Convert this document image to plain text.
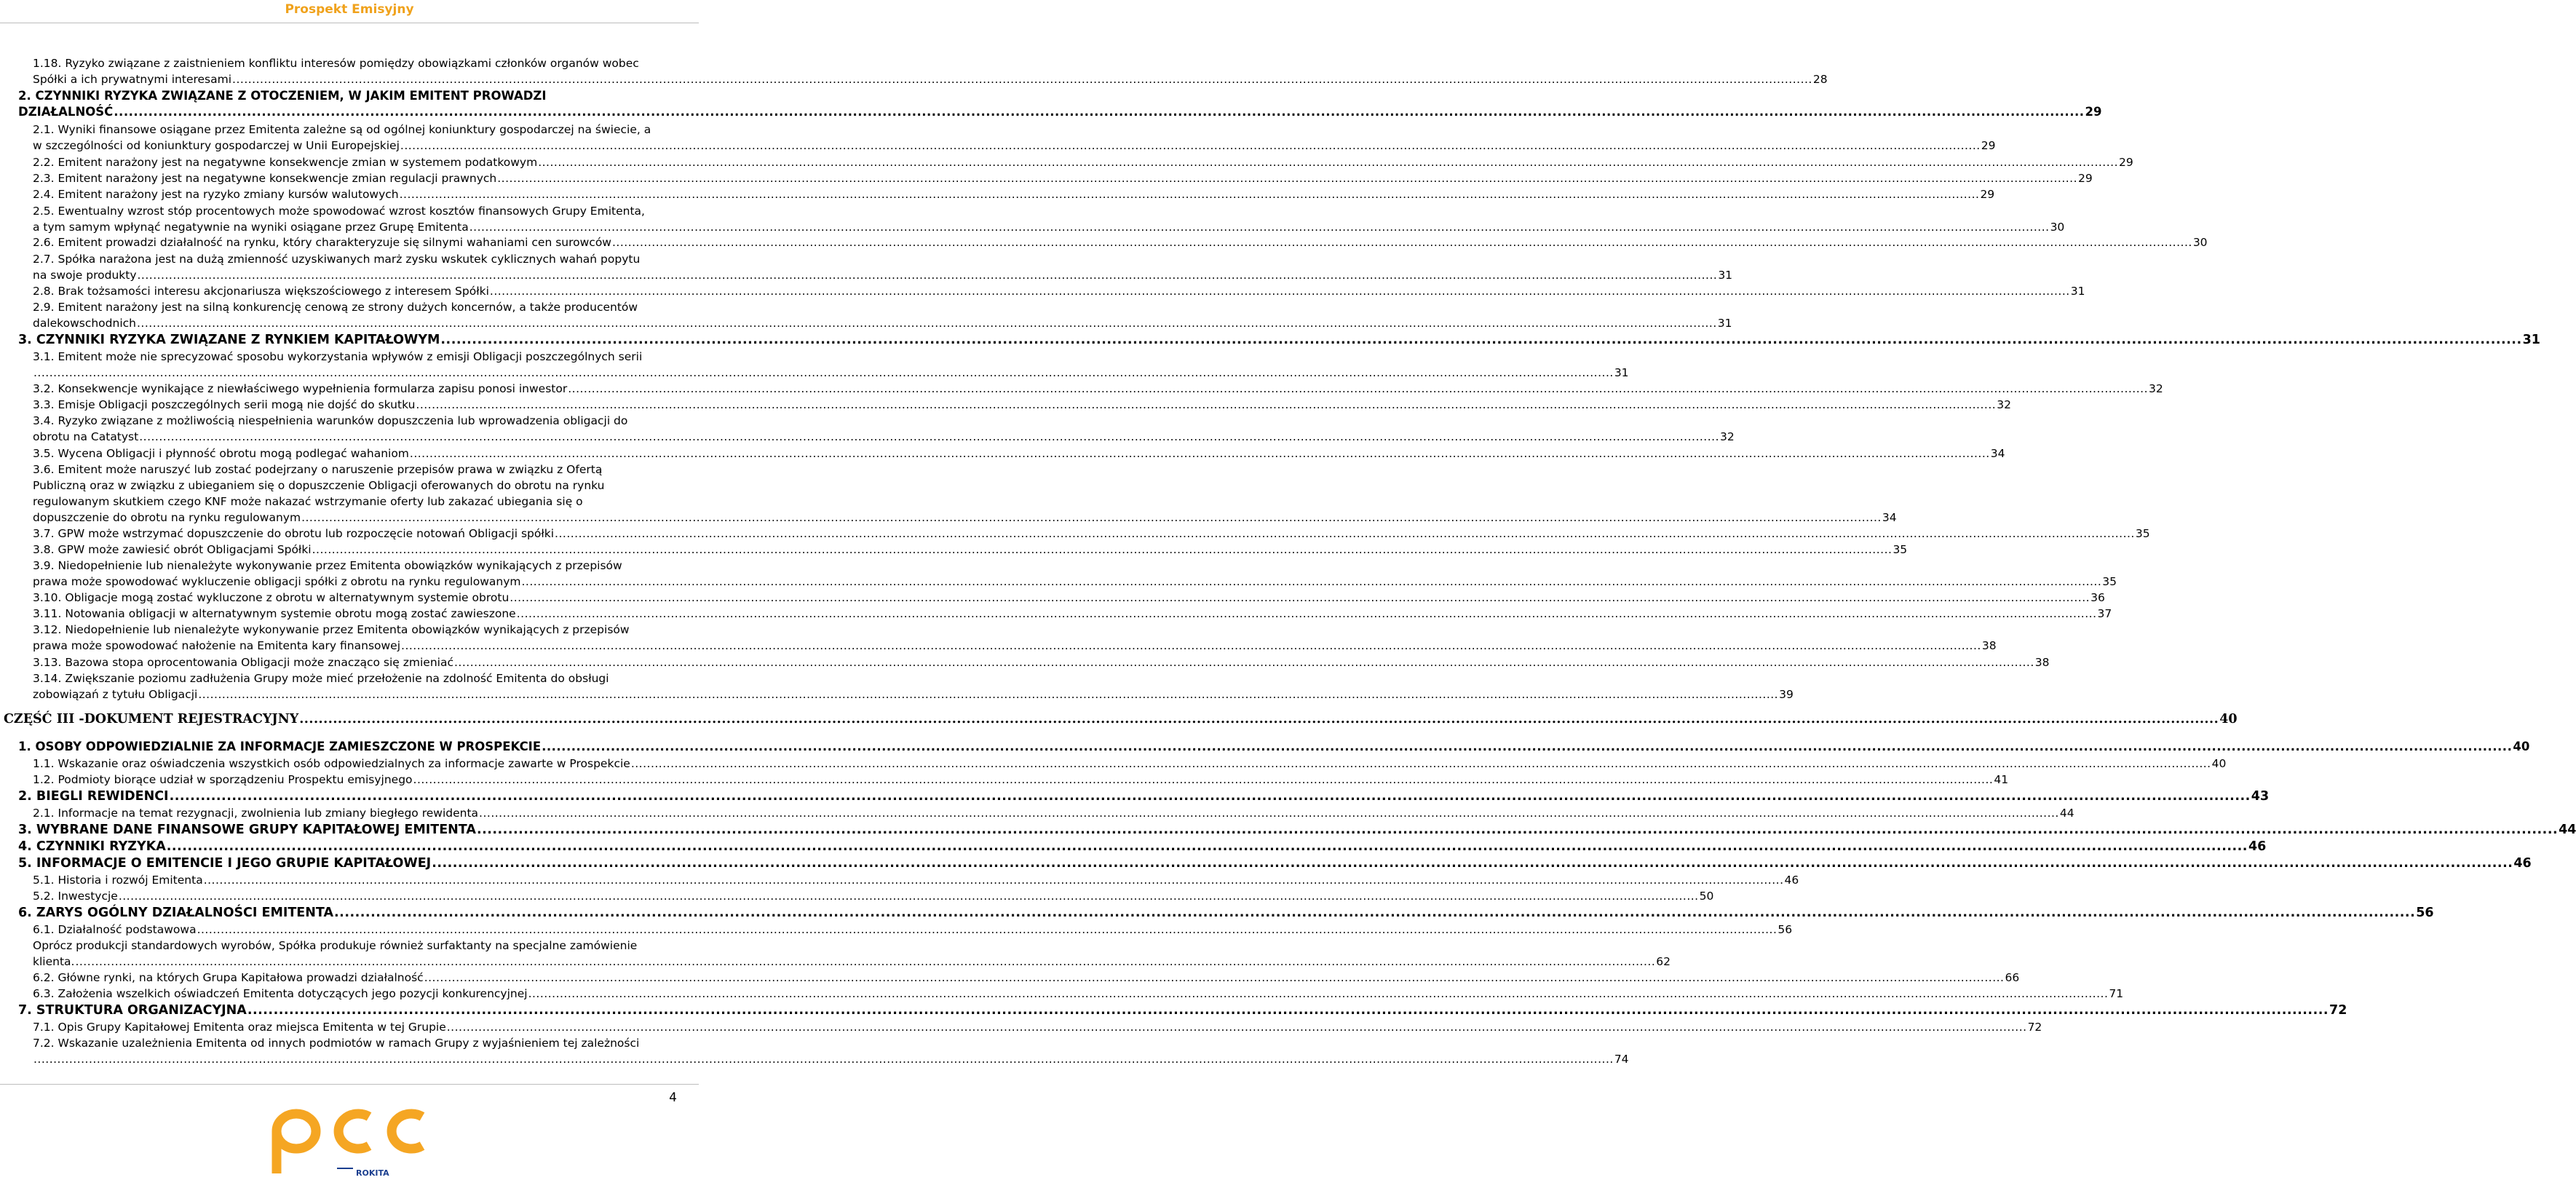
Prospekt Emisyjny
1.18. Ryzyko związane z zaistnieniem konfliktu interesów pomiędzy obowiązkami członków organów wobec
Spółki a ich prywatnymi interesami ................................................................................................................................................................................................................................................................................................................................................................................................................ 28
2. CZYNNIKI RYZYKA ZWIĄZANE Z OTOCZENIEM, W JAKIM EMITENT PROWADZI
DZIAŁALNOŚĆ ................................................................................................................................................................................................................................................................................................................................................................................................................ 29
2.1. Wyniki finansowe osiągane przez Emitenta zależne są od ogólnej koniunktury gospodarczej na świecie, a
w szczególności od koniunktury gospodarczej w Unii Europejskiej ................................................................................................................................................................................................................................................................................................................................................................................................................ 29
2.2. Emitent narażony jest na negatywne konsekwencje zmian w systemem podatkowym ................................................................................................................................................................................................................................................................................................................................................................................................................ 29
2.3. Emitent narażony jest na negatywne konsekwencje zmian regulacji prawnych ................................................................................................................................................................................................................................................................................................................................................................................................................ 29
2.4. Emitent narażony jest na ryzyko zmiany kursów walutowych ................................................................................................................................................................................................................................................................................................................................................................................................................ 29
2.5. Ewentualny wzrost stóp procentowych może spowodować wzrost kosztów finansowych Grupy Emitenta,
a tym samym wpłynąć negatywnie na wyniki osiągane przez Grupę Emitenta ................................................................................................................................................................................................................................................................................................................................................................................................................ 30
2.6. Emitent prowadzi działalność na rynku, który charakteryzuje się silnymi wahaniami cen surowców ................................................................................................................................................................................................................................................................................................................................................................................................................ 30
2.7. Spółka narażona jest na dużą zmienność uzyskiwanych marż zysku wskutek cyklicznych wahań popytu
na swoje produkty ................................................................................................................................................................................................................................................................................................................................................................................................................ 31
2.8. Brak tożsamości interesu akcjonariusza większościowego z interesem Spółki ................................................................................................................................................................................................................................................................................................................................................................................................................ 31
2.9. Emitent narażony jest na silną konkurencję cenową ze strony dużych koncernów, a także producentów
dalekowschodnich ................................................................................................................................................................................................................................................................................................................................................................................................................ 31
3. CZYNNIKI RYZYKA ZWIĄZANE Z RYNKIEM KAPITAŁOWYM ................................................................................................................................................................................................................................................................................................................................................................................................................ 31
3.1. Emitent może nie sprecyzować sposobu wykorzystania wpływów z emisji Obligacji poszczególnych serii
................................................................................................................................................................................................................................................................................................................................................................................................................ 31
3.2. Konsekwencje wynikające z niewłaściwego wypełnienia formularza zapisu ponosi inwestor ................................................................................................................................................................................................................................................................................................................................................................................................................ 32
3.3. Emisje Obligacji poszczególnych serii mogą nie dojść do skutku ................................................................................................................................................................................................................................................................................................................................................................................................................ 32
3.4. Ryzyko związane z możliwością niespełnienia warunków dopuszczenia lub wprowadzenia obligacji do
obrotu na Catatyst ................................................................................................................................................................................................................................................................................................................................................................................................................ 32
3.5. Wycena Obligacji i płynność obrotu mogą podlegać wahaniom ................................................................................................................................................................................................................................................................................................................................................................................................................ 34
3.6. Emitent może naruszyć lub zostać podejrzany o naruszenie przepisów prawa w związku z Ofertą
Publiczną oraz w związku z ubieganiem się o dopuszczenie Obligacji oferowanych do obrotu na rynku
regulowanym skutkiem czego KNF może nakazać wstrzymanie oferty lub zakazać ubiegania się o
dopuszczenie do obrotu na rynku regulowanym ................................................................................................................................................................................................................................................................................................................................................................................................................ 34
3.7. GPW może wstrzymać dopuszczenie do obrotu lub rozpoczęcie notowań Obligacji spółki ................................................................................................................................................................................................................................................................................................................................................................................................................ 35
3.8. GPW może zawiesić obrót Obligacjami Spółki ................................................................................................................................................................................................................................................................................................................................................................................................................ 35
3.9. Niedopełnienie lub nienależyte wykonywanie przez Emitenta obowiązków wynikających z przepisów
prawa może spowodować wykluczenie obligacji spółki z obrotu na rynku regulowanym ................................................................................................................................................................................................................................................................................................................................................................................................................ 35
3.10. Obligacje mogą zostać wykluczone z obrotu w alternatywnym systemie obrotu ................................................................................................................................................................................................................................................................................................................................................................................................................ 36
3.11. Notowania obligacji w alternatywnym systemie obrotu mogą zostać zawieszone ................................................................................................................................................................................................................................................................................................................................................................................................................ 37
3.12. Niedopełnienie lub nienależyte wykonywanie przez Emitenta obowiązków wynikających z przepisów
prawa może spowodować nałożenie na Emitenta kary finansowej ................................................................................................................................................................................................................................................................................................................................................................................................................ 38
3.13. Bazowa stopa oprocentowania Obligacji może znacząco się zmieniać ................................................................................................................................................................................................................................................................................................................................................................................................................ 38
3.14. Zwiększanie poziomu zadłużenia Grupy może mieć przełożenie na zdolność Emitenta do obsługi
zobowiązań z tytułu Obligacji ................................................................................................................................................................................................................................................................................................................................................................................................................ 39
CZĘŚĆ III - DOKUMENT REJESTRACYJNY ................................................................................................................................................................................................................................................................................................................................................................................................................ 40
1. OSOBY ODPOWIEDZIALNIE ZA INFORMACJE ZAMIESZCZONE W PROSPEKCIE ................................................................................................................................................................................................................................................................................................................................................................................................................ 40
1.1. Wskazanie oraz oświadczenia wszystkich osób odpowiedzialnych za informacje zawarte w Prospekcie ................................................................................................................................................................................................................................................................................................................................................................................................................ 40
1.2. Podmioty biorące udział w sporządzeniu Prospektu emisyjnego ................................................................................................................................................................................................................................................................................................................................................................................................................ 41
2. BIEGLI REWIDENCI ................................................................................................................................................................................................................................................................................................................................................................................................................ 43
2.1. Informacje na temat rezygnacji, zwolnienia lub zmiany biegłego rewidenta ................................................................................................................................................................................................................................................................................................................................................................................................................ 44
3. WYBRANE DANE FINANSOWE GRUPY KAPITAŁOWEJ EMITENTA ................................................................................................................................................................................................................................................................................................................................................................................................................ 44
4. CZYNNIKI RYZYKA ................................................................................................................................................................................................................................................................................................................................................................................................................ 46
5. INFORMACJE O EMITENCIE I JEGO GRUPIE KAPITAŁOWEJ ................................................................................................................................................................................................................................................................................................................................................................................................................ 46
5.1. Historia i rozwój Emitenta ................................................................................................................................................................................................................................................................................................................................................................................................................ 46
5.2. Inwestycje ................................................................................................................................................................................................................................................................................................................................................................................................................ 50
6. ZARYS OGÓLNY DZIAŁALNOŚCI EMITENTA ................................................................................................................................................................................................................................................................................................................................................................................................................ 56
6.1. Działalność podstawowa ................................................................................................................................................................................................................................................................................................................................................................................................................ 56
Oprócz produkcji standardowych wyrobów, Spółka produkuje również surfaktanty na specjalne zamówienie
klienta. ................................................................................................................................................................................................................................................................................................................................................................................................................ 62
6.2. Główne rynki, na których Grupa Kapitałowa prowadzi działalność ................................................................................................................................................................................................................................................................................................................................................................................................................ 66
6.3. Założenia wszelkich oświadczeń Emitenta dotyczących jego pozycji konkurencyjnej ................................................................................................................................................................................................................................................................................................................................................................................................................ 71
7. STRUKTURA ORGANIZACYJNA ................................................................................................................................................................................................................................................................................................................................................................................................................ 72
7.1. Opis Grupy Kapitałowej Emitenta oraz miejsca Emitenta w tej Grupie ................................................................................................................................................................................................................................................................................................................................................................................................................ 72
7.2. Wskazanie uzależnienia Emitenta od innych podmiotów w ramach Grupy z wyjaśnieniem tej zależności
................................................................................................................................................................................................................................................................................................................................................................................................................ 74
4
ROKITA
